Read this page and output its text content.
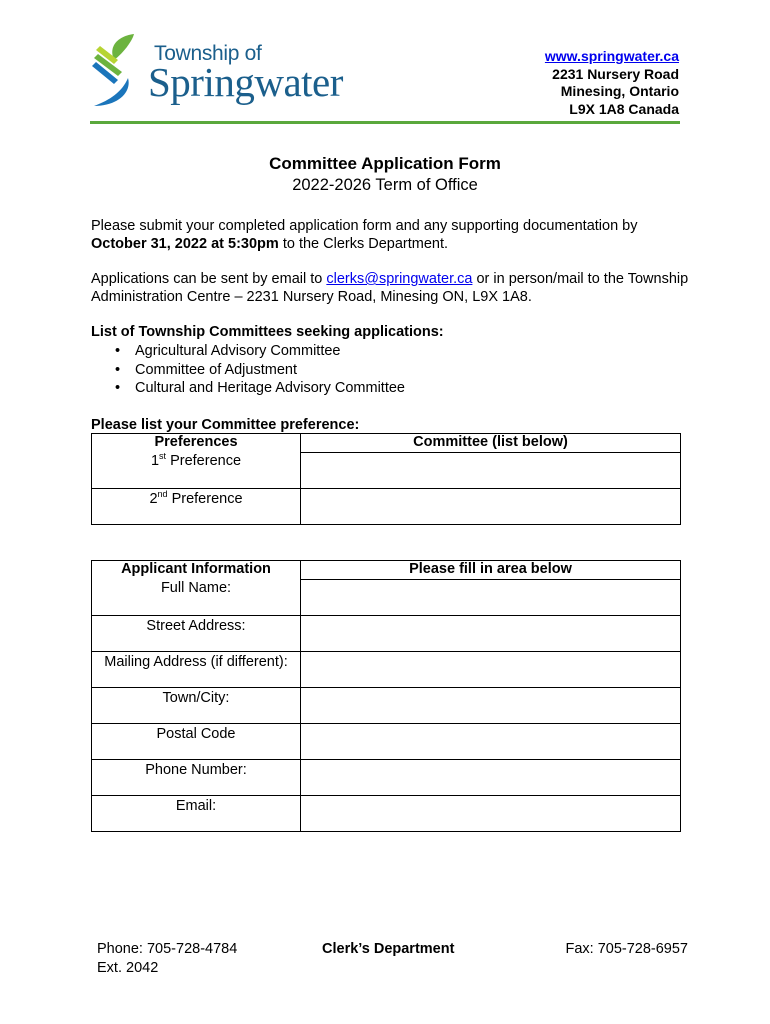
Township of
Springwater
www.springwater.ca
2231 Nursery Road
Minesing, Ontario
L9X 1A8 Canada
Committee Application Form
2022-2026 Term of Office
Please submit your completed application form and any supporting documentation by October 31, 2022 at 5:30pm to the Clerks Department.
Applications can be sent by email to clerks@springwater.ca or in person/mail to the Township Administration Centre – 2231 Nursery Road, Minesing ON, L9X 1A8.
List of Township Committees seeking applications:
• Agricultural Advisory Committee
• Committee of Adjustment
• Cultural and Heritage Advisory Committee
Please list your Committee preference:
Preferences	Committee (list below)
1st Preference	
2nd Preference	
Applicant Information	Please fill in area below
Full Name:	
Street Address:	
Mailing Address (if different):	
Town/City:	
Postal Code	
Phone Number:	
Email:	
Phone: 705-728-4784
Ext. 2042
Clerk’s Department	Fax: 705-728-6957
